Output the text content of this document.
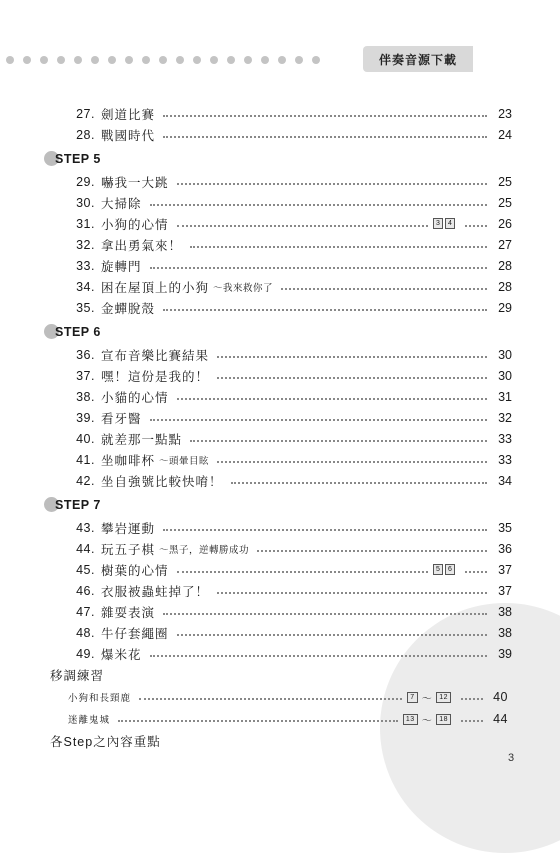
伴奏音源下載
27. 劍道比賽	23
28. 戰國時代	24
STEP 5
29. 嚇我一大跳	25
30. 大掃除	25
31. 小狗的心情	3	4	26
32. 拿出勇氣來！	27
33. 旋轉門	28
34. 困在屋頂上的小狗 ～我來救你了	28
35. 金蟬脫殼	29
STEP 6
36. 宣布音樂比賽結果	30
37. 嘿！這份是我的！	30
38. 小貓的心情	31
39. 看牙醫	32
40. 就差那一點點	33
41. 坐咖啡杯 ～頭暈目眩	33
42. 坐自強號比較快唷！	34
STEP 7
43. 攀岩運動	35
44. 玩五子棋 ～黑子，逆轉勝成功	36
45. 樹葉的心情	5	6	37
46. 衣服被蟲蛀掉了！	37
47. 雜耍表演	38
48. 牛仔套繩圈	38
49. 爆米花	39
移調練習
小狗和長頸鹿	7 ～	12	40
迷離鬼城	13 ～	18	44
各Step之內容重點
3
